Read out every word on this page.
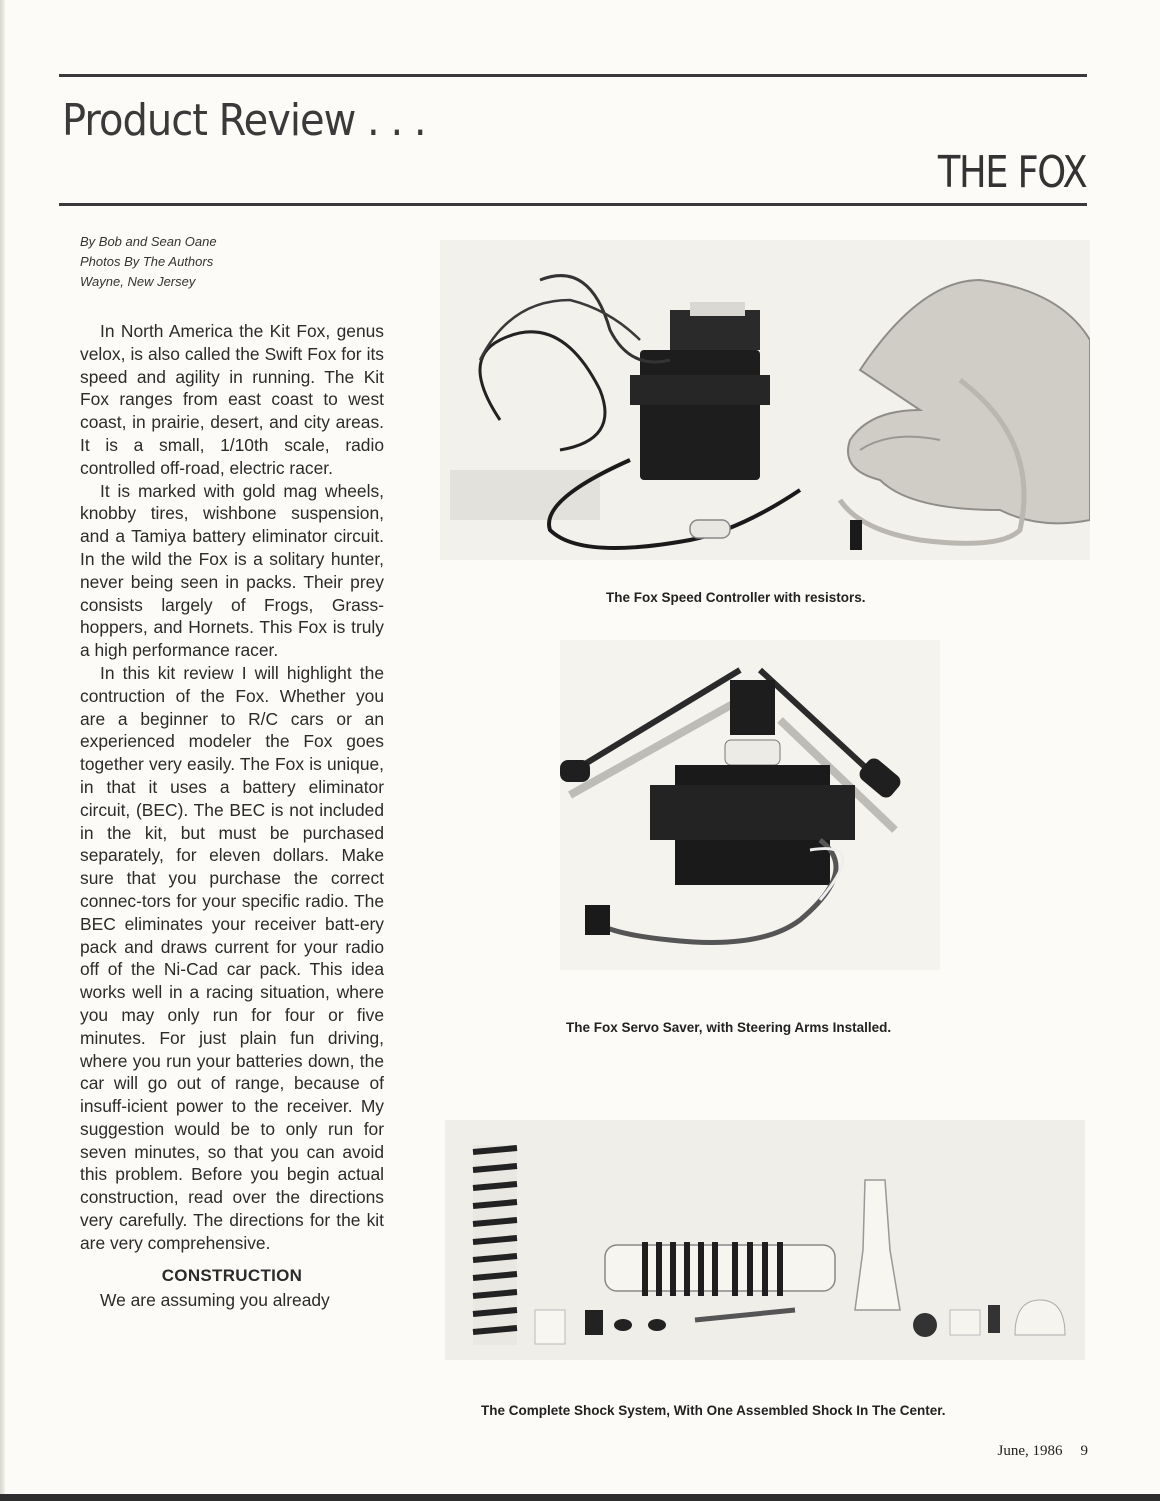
Product Review . . .
THE FOX
By Bob and Sean Oane
Photos By The Authors
Wayne, New Jersey

In North America the Kit Fox, genus velox, is also called the Swift Fox for its speed and agility in running. The Kit Fox ranges from east coast to west coast, in prairie, desert, and city areas. It is a small, 1/10th scale, radio controlled off-road, electric racer.

It is marked with gold mag wheels, knobby tires, wishbone suspension, and a Tamiya battery eliminator circuit. In the wild the Fox is a solitary hunter, never being seen in packs. Their prey consists largely of Frogs, Grass-hoppers, and Hornets. This Fox is truly a high performance racer.

In this kit review I will highlight the contruction of the Fox. Whether you are a beginner to R/C cars or an experienced modeler the Fox goes together very easily. The Fox is unique, in that it uses a battery eliminator circuit, (BEC). The BEC is not included in the kit, but must be purchased separately, for eleven dollars. Make sure that you purchase the correct connec-tors for your specific radio. The BEC eliminates your receiver batt-ery pack and draws current for your radio off of the Ni-Cad car pack. This idea works well in a racing situation, where you may only run for four or five minutes. For just plain fun driving, where you run your batteries down, the car will go out of range, because of insuff-icient power to the receiver. My suggestion would be to only run for seven minutes, so that you can avoid this problem. Before you begin actual construction, read over the directions very carefully. The directions for the kit are very comprehensive.

CONSTRUCTION

We are assuming you already

The Fox Speed Controller with resistors.
The Fox Servo Saver, with Steering Arms Installed.
The Complete Shock System, With One Assembled Shock In The Center.
June, 1986 9
